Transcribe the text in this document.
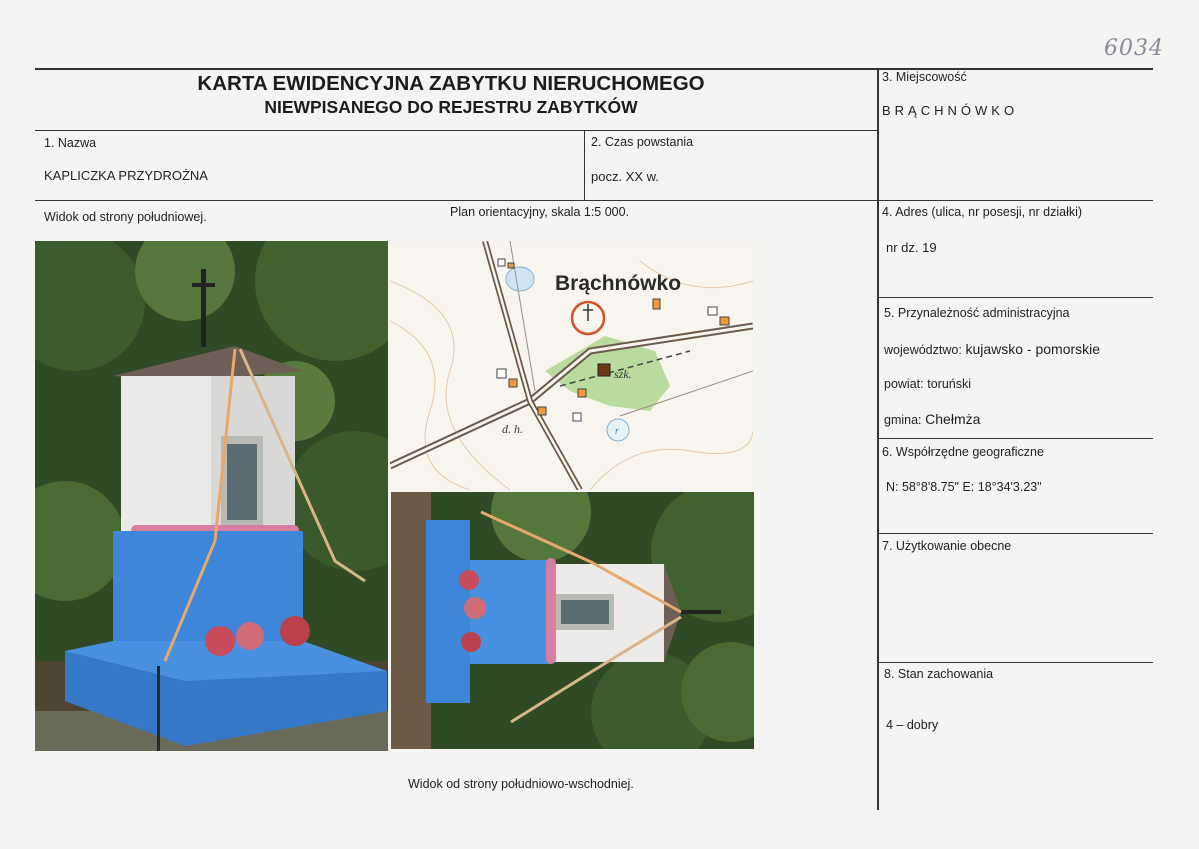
6034
KARTA EWIDENCYJNA ZABYTKU NIERUCHOMEGO
NIEWPISANEGO DO REJESTRU ZABYTKÓW
1. Nazwa
KAPLICZKA PRZYDROŻNA
2. Czas powstania
pocz. XX w.
3. Miejscowość
BRĄCHNÓWKO
4. Adres (ulica, nr posesji, nr działki)
nr dz. 19
5. Przynależność administracyjna
województwo: kujawsko - pomorskie
powiat: toruński
gmina: Chełmża
6. Współrzędne geograficzne
N: 58°8'8.75" E: 18°34'3.23"
7. Użytkowanie obecne
8. Stan zachowania
4 – dobry
Widok od strony południowej.	Plan orientacyjny, skala 1:5 000.
Widok od strony południowo-wschodniej.
Brąchnówko
szk.
d. h.	r
